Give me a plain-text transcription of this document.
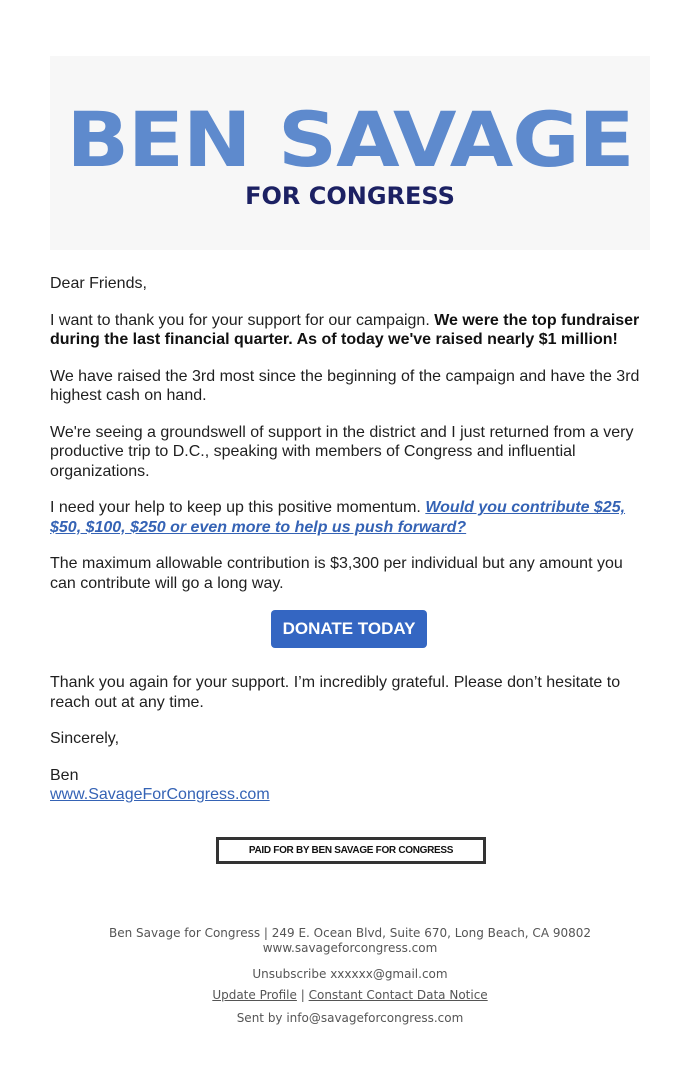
BEN SAVAGE
FOR CONGRESS

Dear Friends,

I want to thank you for your support for our campaign. We were the top fundraiser during the last financial quarter. As of today we've raised nearly $1 million!

We have raised the 3rd most since the beginning of the campaign and have the 3rd highest cash on hand.

We're seeing a groundswell of support in the district and I just returned from a very productive trip to D.C., speaking with members of Congress and influential organizations.

I need your help to keep up this positive momentum. Would you contribute $25, $50, $100, $250 or even more to help us push forward?

The maximum allowable contribution is $3,300 per individual but any amount you can contribute will go a long way.

DONATE TODAY

Thank you again for your support. I’m incredibly grateful. Please don’t hesitate to reach out at any time.

Sincerely,

Ben
www.SavageForCongress.com

PAID FOR BY BEN SAVAGE FOR CONGRESS
Ben Savage for Congress | 249 E. Ocean Blvd, Suite 670, Long Beach, CA 90802
www.savageforcongress.com
Unsubscribe xxxxxx@gmail.com
Update Profile | Constant Contact Data Notice
Sent by info@savageforcongress.com
